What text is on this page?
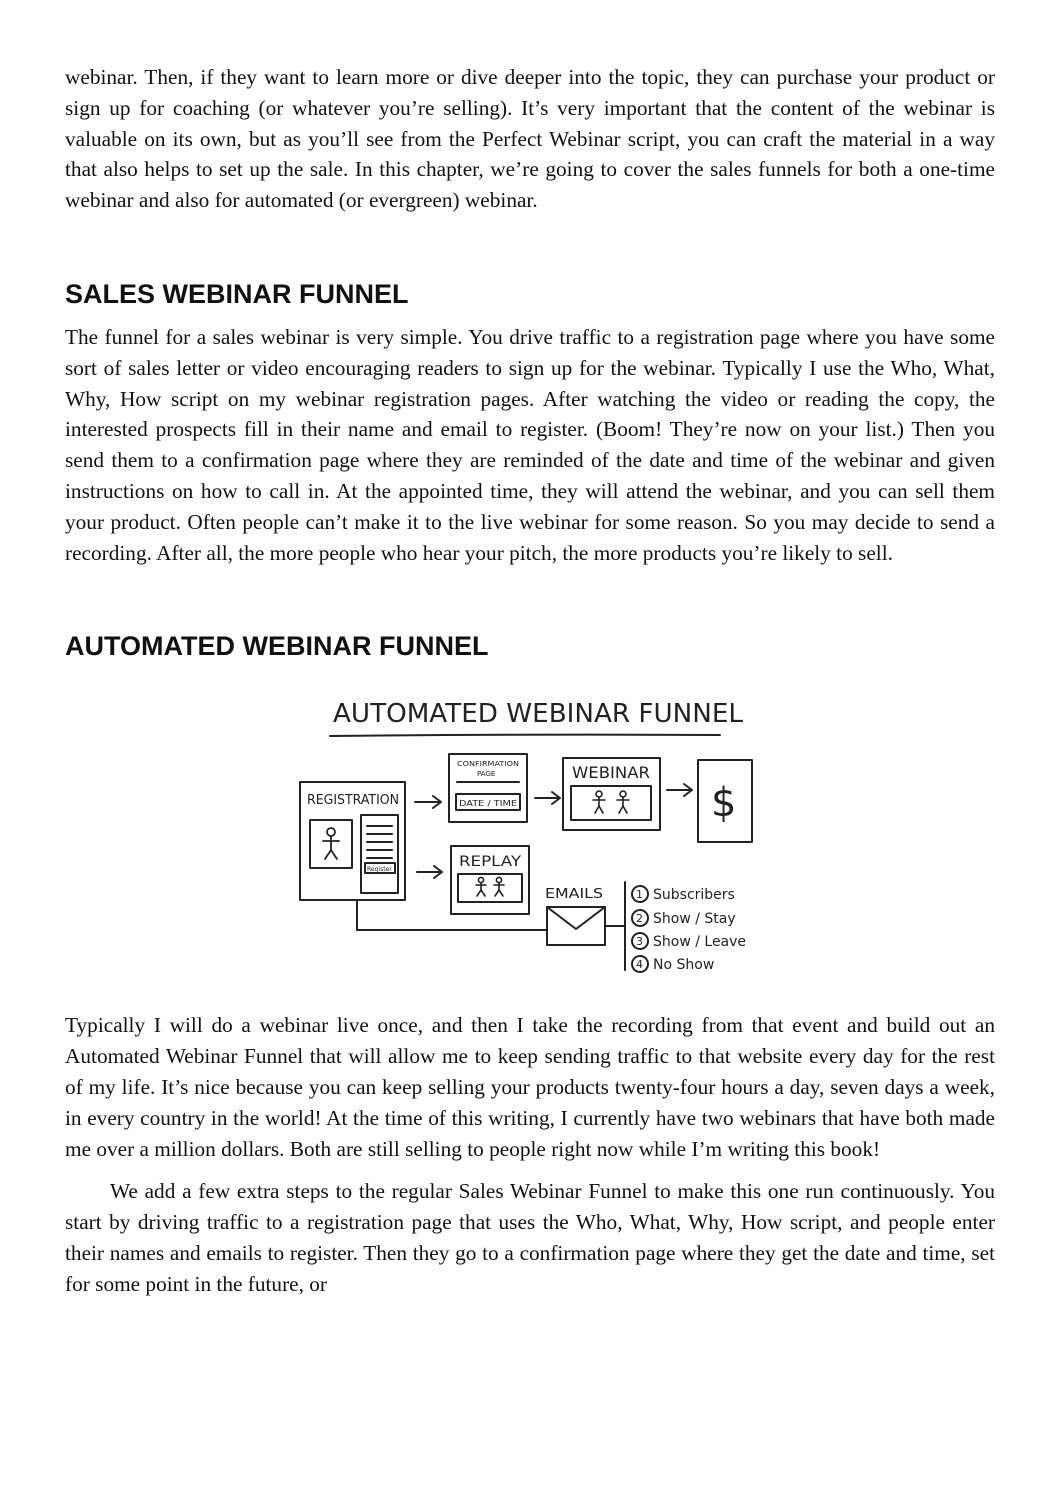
webinar. Then, if they want to learn more or dive deeper into the topic, they can purchase your product or sign up for coaching (or whatever you’re selling). It’s very important that the content of the webinar is valuable on its own, but as you’ll see from the Perfect Webinar script, you can craft the material in a way that also helps to set up the sale. In this chapter, we’re going to cover the sales funnels for both a one-time webinar and also for automated (or evergreen) webinar.

SALES WEBINAR FUNNEL

The funnel for a sales webinar is very simple. You drive traffic to a registration page where you have some sort of sales letter or video encouraging readers to sign up for the webinar. Typically I use the Who, What, Why, How script on my webinar registration pages. After watching the video or reading the copy, the interested prospects fill in their name and email to register. (Boom! They’re now on your list.) Then you send them to a confirmation page where they are reminded of the date and time of the webinar and given instructions on how to call in. At the appointed time, they will attend the webinar, and you can sell them your product. Often people can’t make it to the live webinar for some reason. So you may decide to send a recording. After all, the more people who hear your pitch, the more products you’re likely to sell.

AUTOMATED WEBINAR FUNNEL
AUTOMATED WEBINAR FUNNEL
REGISTRATION
Register
CONFIRMATION
PAGE
DATE / TIME
WEBINAR
$
REPLAY
EMAILS	1 Subscribers
2 Show / Stay
3 Show / Leave
4 No Show

Typically I will do a webinar live once, and then I take the recording from that event and build out an Automated Webinar Funnel that will allow me to keep sending traffic to that website every day for the rest of my life. It’s nice because you can keep selling your products twenty-four hours a day, seven days a week, in every country in the world! At the time of this writing, I currently have two webinars that have both made me over a million dollars. Both are still selling to people right now while I’m writing this book!

We add a few extra steps to the regular Sales Webinar Funnel to make this one run continuously. You start by driving traffic to a registration page that uses the Who, What, Why, How script, and people enter their names and emails to register. Then they go to a confirmation page where they get the date and time, set for some point in the future, or
